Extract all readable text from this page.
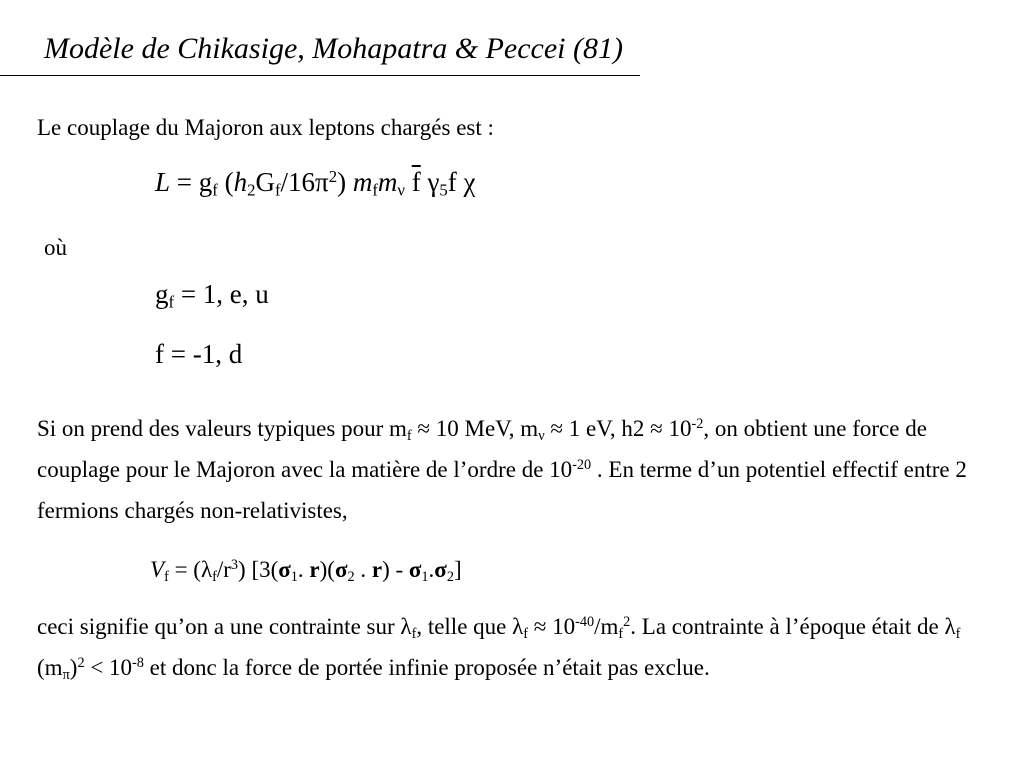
Modèle de Chikasige, Mohapatra & Peccei (81)
Le couplage du Majoron aux leptons chargés est :
$L = g_f$ $(h_2G_f/16\pi^2)$ $m_fm_\nu$ $\overline{f}$ $\gamma_5f$ χ
où
$g_f = 1$, e, u
f = -1, d
Si on prend des valeurs typiques pour $m_f \approx 10$ MeV, $m_\nu \approx 1$ eV, $h2 \approx 10^{-2}$, on obtient une force de couplage pour le Majoron avec la matière de l’ordre de $10^{-20}$ . En terme d’un potentiel effectif entre 2 fermions chargés non-relativistes,
$V_f = (\lambda_f/r^3)$ [$3(\sigma_1$. $r)(\sigma_2$ . $r) - \sigma_1.\sigma_2$]
ceci signifie qu’on a une contrainte sur $\lambda_f$, telle que $\lambda_f \approx 10^{-40}/m_f^2$. La contrainte à l’époque était de $\lambda_f$ $(m_\pi)^2 < 10^{-8}$ et donc la force de portée infinie proposée n’était pas exclue.
